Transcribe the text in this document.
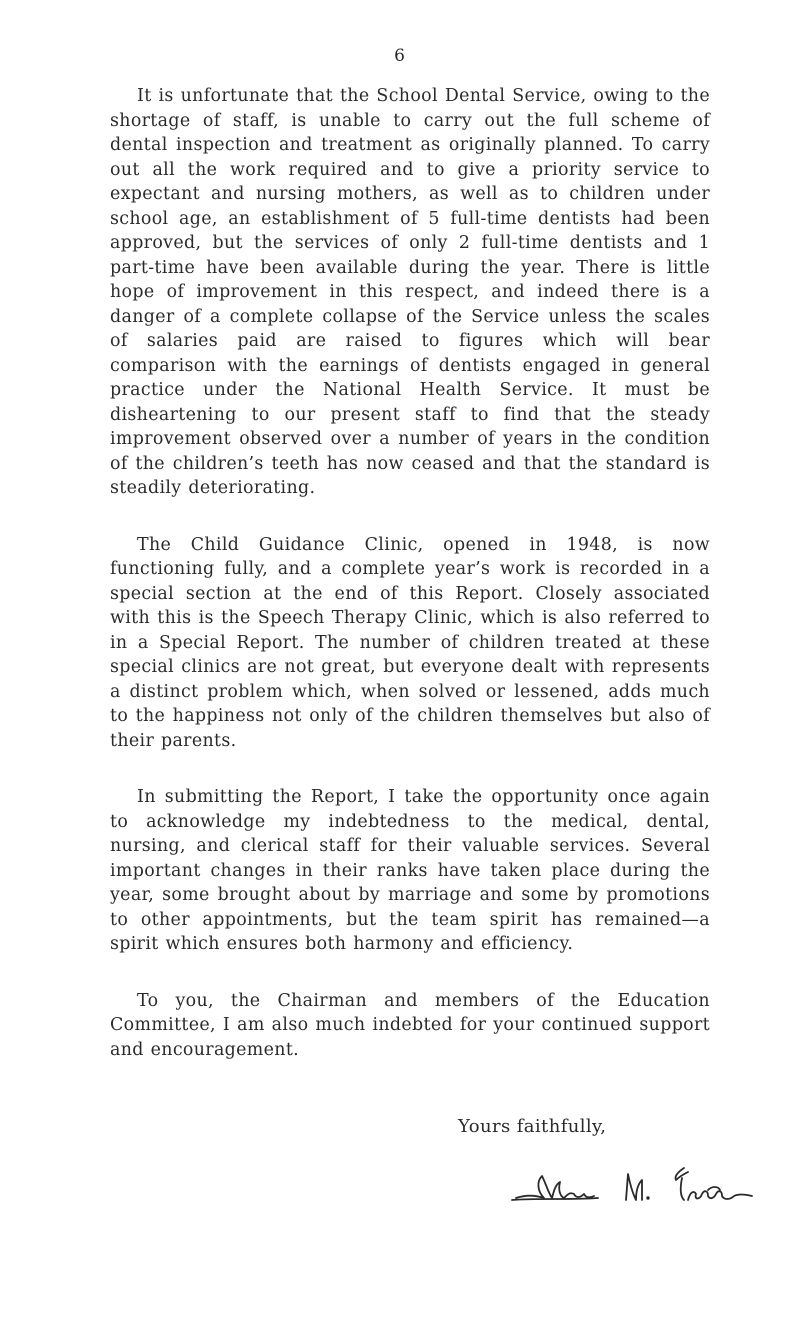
6

It is unfortunate that the School Dental Service, owing to the shortage of staff, is unable to carry out the full scheme of dental inspection and treatment as originally planned. To carry out all the work required and to give a priority service to expectant and nursing mothers, as well as to children under school age, an establishment of 5 full-time dentists had been approved, but the services of only 2 full-time dentists and 1 part-time have been available during the year. There is little hope of improvement in this respect, and indeed there is a danger of a complete collapse of the Service unless the scales of salaries paid are raised to figures which will bear comparison with the earnings of dentists engaged in general practice under the National Health Service. It must be disheartening to our present staff to find that the steady improvement observed over a number of years in the condition of the children’s teeth has now ceased and that the standard is steadily deteriorating.

The Child Guidance Clinic, opened in 1948, is now functioning fully, and a complete year’s work is recorded in a special section at the end of this Report. Closely associated with this is the Speech Therapy Clinic, which is also referred to in a Special Report. The number of children treated at these special clinics are not great, but everyone dealt with represents a distinct problem which, when solved or lessened, adds much to the happiness not only of the children themselves but also of their parents.

In submitting the Report, I take the opportunity once again to acknowledge my indebtedness to the medical, dental, nursing, and clerical staff for their valuable services. Several important changes in their ranks have taken place during the year, some brought about by marriage and some by promotions to other appointments, but the team spirit has remained—a spirit which ensures both harmony and efficiency.

To you, the Chairman and members of the Education Committee, I am also much indebted for your continued support and encouragement.

Yours faithfully,
